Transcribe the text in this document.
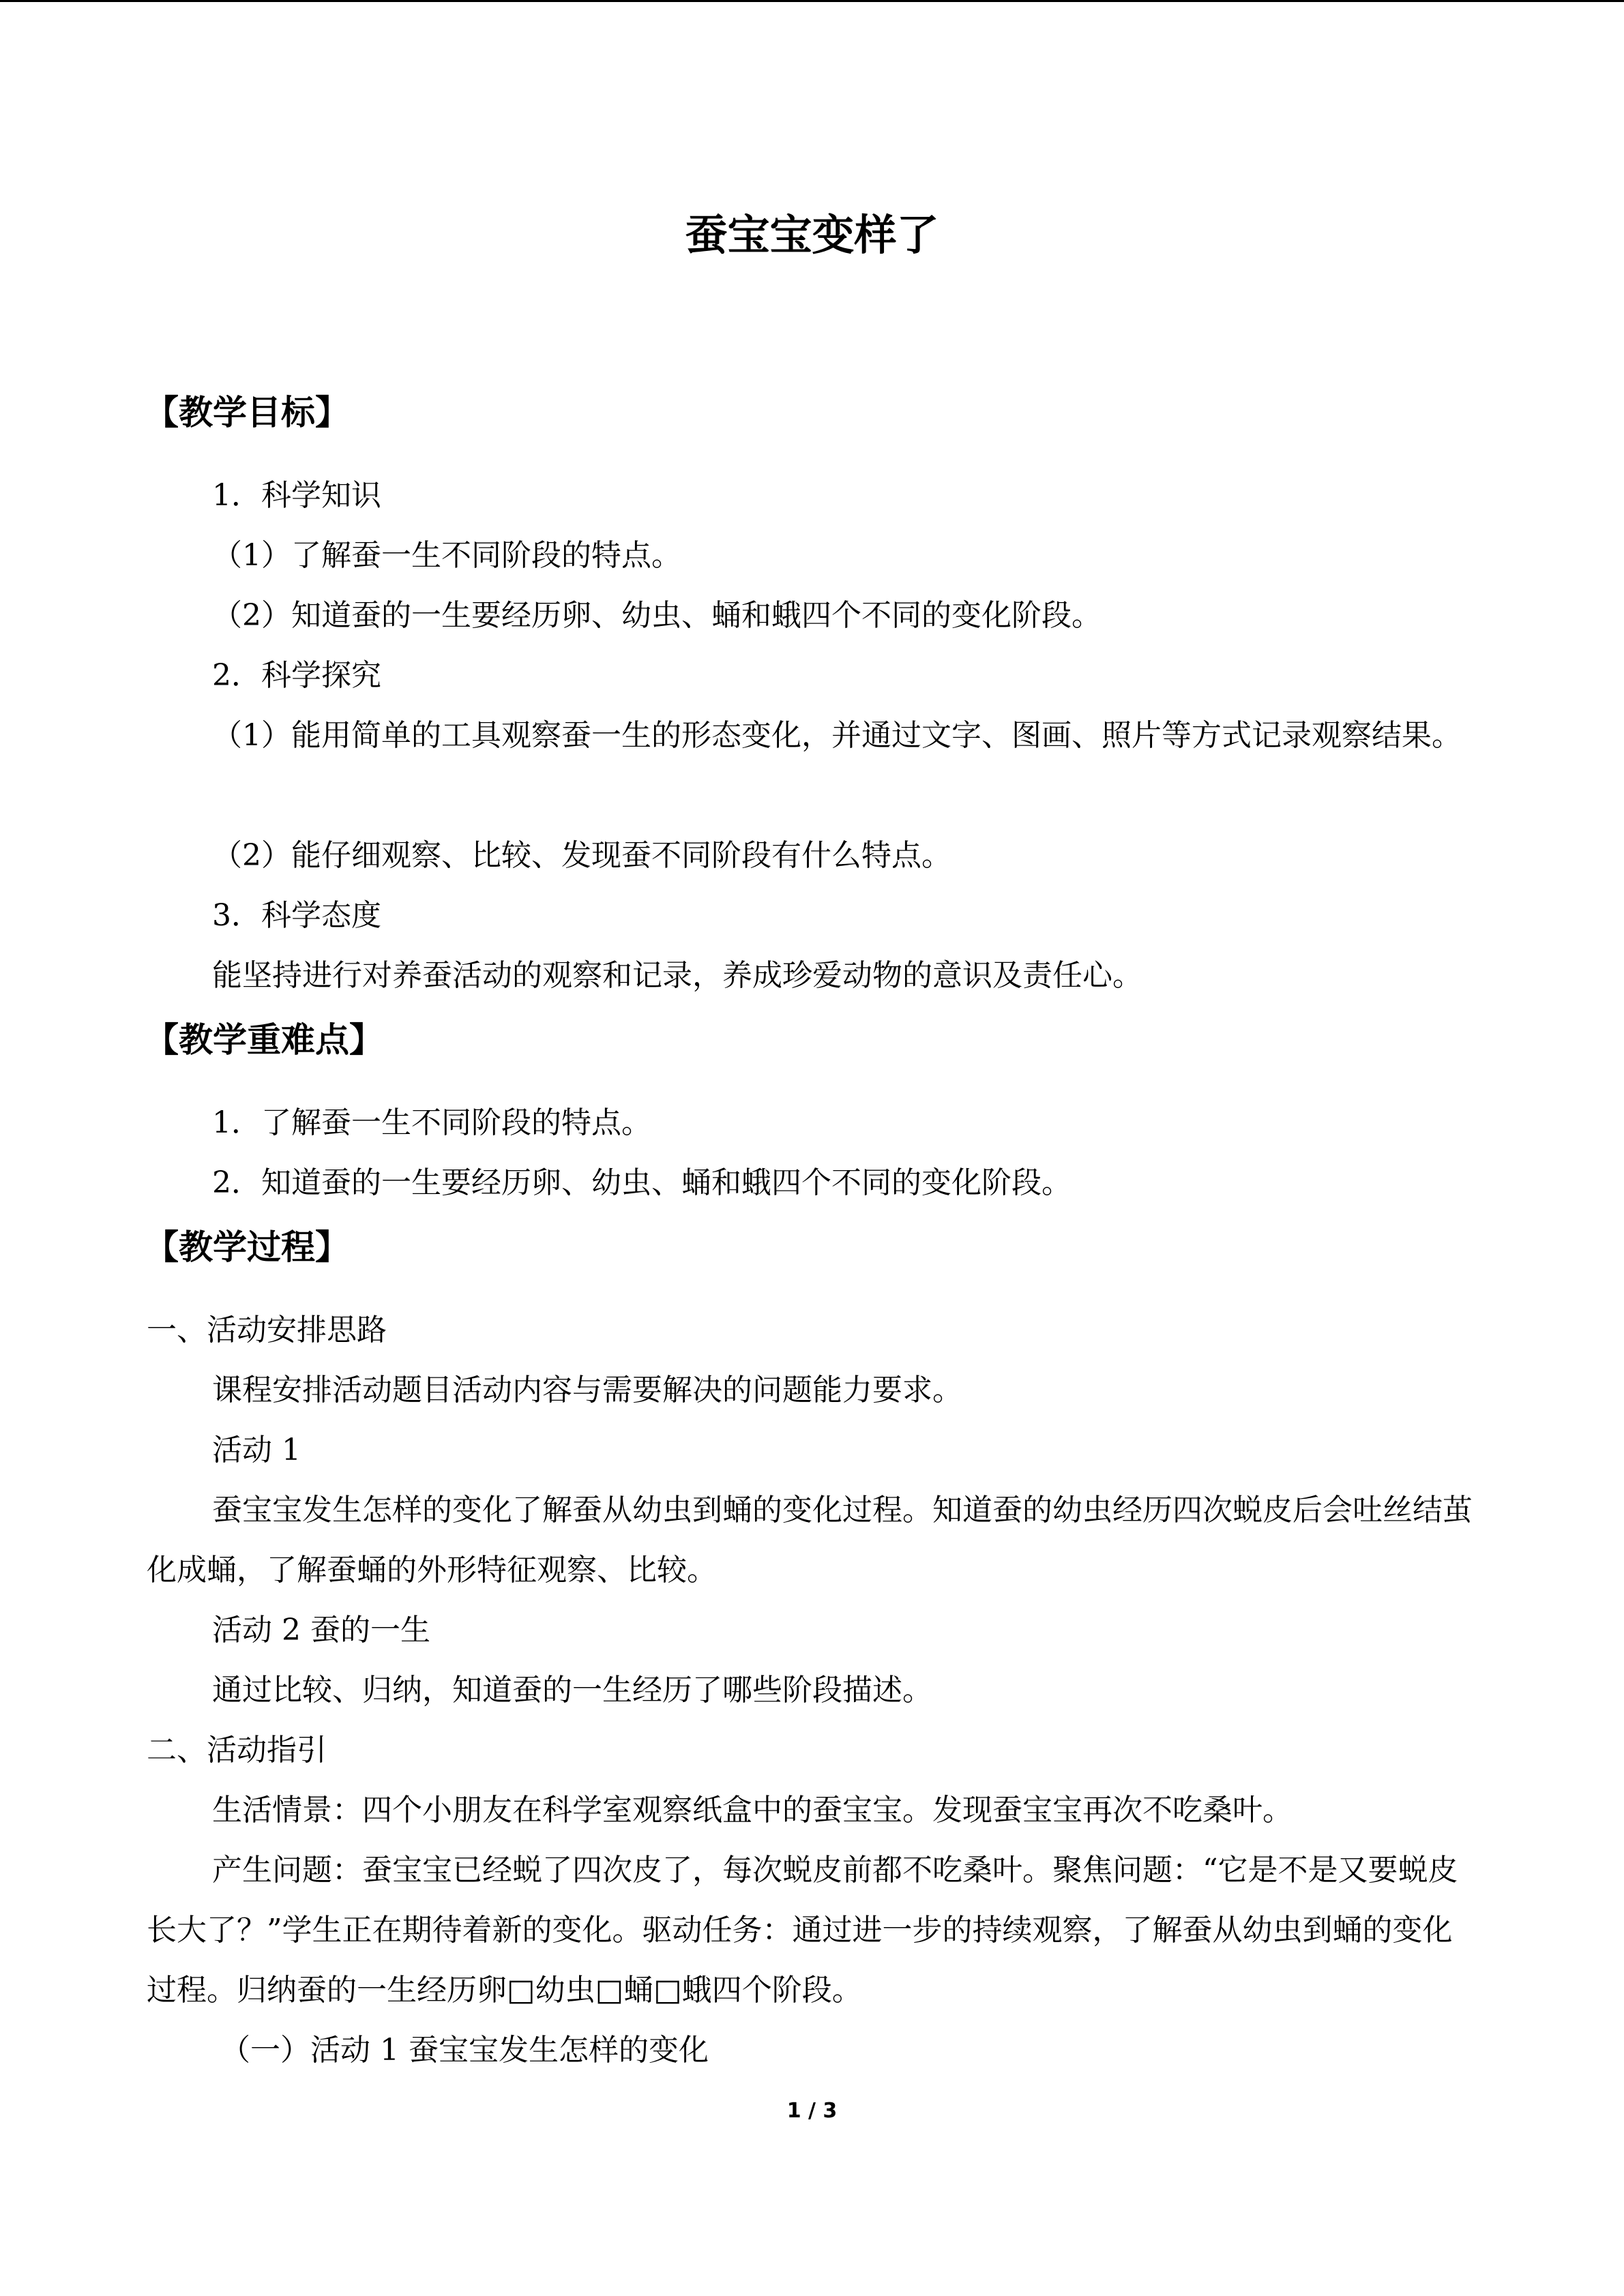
蚕宝宝变样了
【教学目标】
1．科学知识
（1）了解蚕一生不同阶段的特点。
（2）知道蚕的一生要经历卵、幼虫、蛹和蛾四个不同的变化阶段。
2．科学探究
（1）能用简单的工具观察蚕一生的形态变化，并通过文字、图画、照片等方式记录观察结果。
（2）能仔细观察、比较、发现蚕不同阶段有什么特点。
3．科学态度
能坚持进行对养蚕活动的观察和记录，养成珍爱动物的意识及责任心。
【教学重难点】
1．了解蚕一生不同阶段的特点。
2．知道蚕的一生要经历卵、幼虫、蛹和蛾四个不同的变化阶段。
【教学过程】
一、活动安排思路
课程安排活动题目活动内容与需要解决的问题能力要求。
活动 1
蚕宝宝发生怎样的变化了解蚕从幼虫到蛹的变化过程。知道蚕的幼虫经历四次蜕皮后会吐丝结茧化成蛹，了解蚕蛹的外形特征观察、比较。
活动 2 蚕的一生
通过比较、归纳，知道蚕的一生经历了哪些阶段描述。
二、活动指引
生活情景：四个小朋友在科学室观察纸盒中的蚕宝宝。发现蚕宝宝再次不吃桑叶。
产生问题：蚕宝宝已经蜕了四次皮了，每次蜕皮前都不吃桑叶。聚焦问题：“它是不是又要蜕皮长大了？”学生正在期待着新的变化。驱动任务：通过进一步的持续观察，了解蚕从幼虫到蛹的变化过程。归纳蚕的一生经历卵□幼虫□蛹□蛾四个阶段。
（一）活动 1 蚕宝宝发生怎样的变化
1 / 3
